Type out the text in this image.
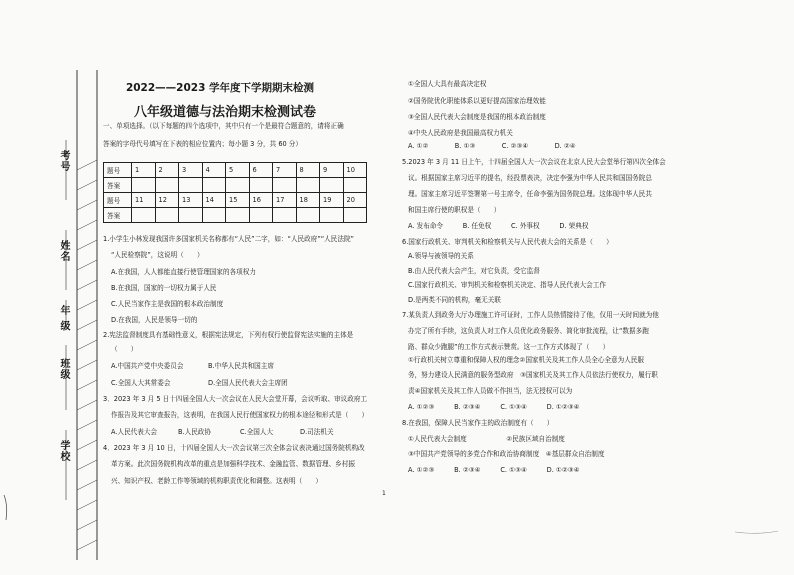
考号
姓名
年 级
班级
学校
2022——2023 学年度下学期期末检测
八年级道德与法治期末检测试卷
一、单项选择。（以下每题的四个选项中，其中只有一个是最符合题意的，请将正确
答案的字母代号填写在下表的相应位置内；每小题 3 分，共 60 分）
题号	1	2	3	4	5	6	7	8	9	10
答案										
题号	11	12	13	14	15	16	17	18	19	20
答案										
1.小学生小林发现我国许多国家机关名称都有“人民”二字，如：“人民政府”“人民法院”
“人民检察院”，这说明（　　）
A.在我国，人人都能直接行使管理国家的各项权力
B.在我国，国家的一切权力属于人民
C.人民当家作主是我国的根本政治制度
D.在我国，人民是领导一切的
2.宪法监督制度具有基础性意义，根据宪法规定，下列有权行使监督宪法实施的主体是
（　　）
A.中国共产党中央委员会	B.中华人民共和国主席
C.全国人大其常委会	D.全国人民代表大会主席团
3．2023 年 3 月 5 日十四届全国人大一次会议在人民大会堂开幕，会议听取、审议政府工
作报告及其它审查报告，这表明，在我国人民行使国家权力的根本途径和形式是（　　）
A.人民代表大会	B.人民政协	C.全国人大	D.司法机关
4．2023 年 3 月 10 日，十四届全国人大一次会议第三次全体会议表决通过国务院机构改
革方案。此次国务院机构改革的重点是加强科学技术、金融监管、数据管理、乡村振
兴、知识产权、老龄工作等领域的机构职责优化和调整。这表明（　　）
①全国人大具有最高决定权
②国务院优化职能体系以更好提高国家治理效能
③全国人民代表大会制度是我国的根本政治制度
④中央人民政府是我国最高权力机关
A. ①②　　　　B. ①③　　　　C. ②③④　　　　D. ②④
5.2023 年 3 月 11 日上午，十四届全国人大一次会议在北京人民大会堂举行第四次全体会
议。根据国家主席习近平的提名，经投票表决，决定李强为中华人民共和国国务院总
理。国家主席习近平签署第一号主席令，任命李强为国务院总理。这体现中华人民共
和国主席行使的职权是（　　）
A. 发布命令　　　B. 任免权　　　C. 外事权　　　D. 荣典权
6.国家行政机关、审判机关和检察机关与人民代表大会的关系是（　　）
A.领导与被领导的关系
B.由人民代表大会产生，对它负责，受它监督
C.国家行政机关、审判机关和检察机关决定、指导人民代表大会工作
D.是两类不同的机构，毫无关联
7.某负责人到政务大厅办理施工许可证时，工作人员热情接待了他，仅用一天时间就为他
办完了所有手续，这负责人对工作人员优化政务服务、简化审批流程，让“数据多跑
路、群众少跑腿”的工作方式表示赞赏。这一工作方式体现了（　　）
①行政机关树立尊重和保障人权的理念②国家机关及其工作人员全心全意为人民服
务，努力建设人民满意的服务型政府　③国家机关及其工作人员依法行使权力，履行职
责④国家机关及其工作人员做不作担当，法无授权可以为
A. ①②③　　　B. ②③④　　　C. ①③④　　　D. ①②③④
8.在我国，保障人民当家作主的政治制度有（　　）
①人民代表大会制度　　　　　　②民族区域自治制度
③中国共产党领导的多党合作和政治协商制度　④基层群众自治制度
A. ①②③　　　B. ②③④　　　C. ①③④　　　D. ①②③④
1
